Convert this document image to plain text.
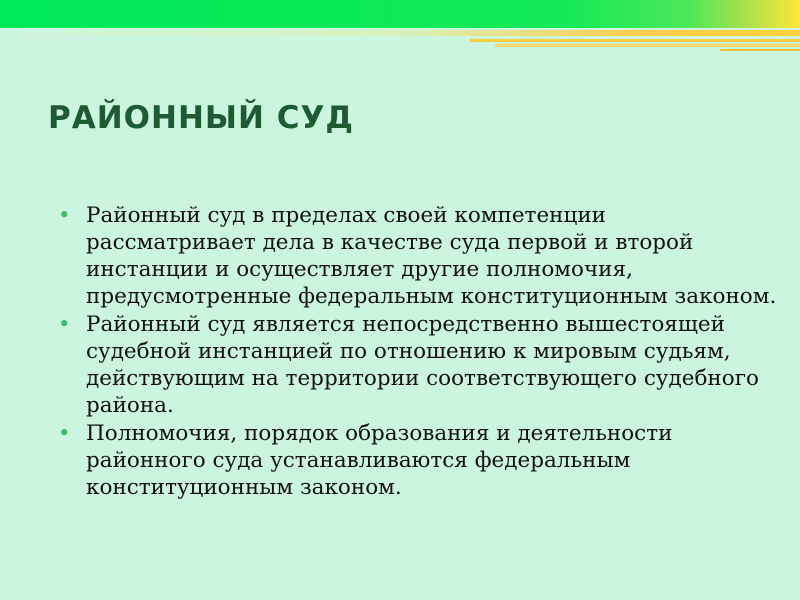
РАЙОННЫЙ СУД
• Районный суд в пределах своей компетенции рассматривает дела в качестве суда первой и второй инстанции и осуществляет другие полномочия, предусмотренные федеральным конституционным законом.
• Районный суд является непосредственно вышестоящей судебной инстанцией по отношению к мировым судьям, действующим на территории соответствующего судебного района.
• Полномочия, порядок образования и деятельности районного суда устанавливаются федеральным конституционным законом.
